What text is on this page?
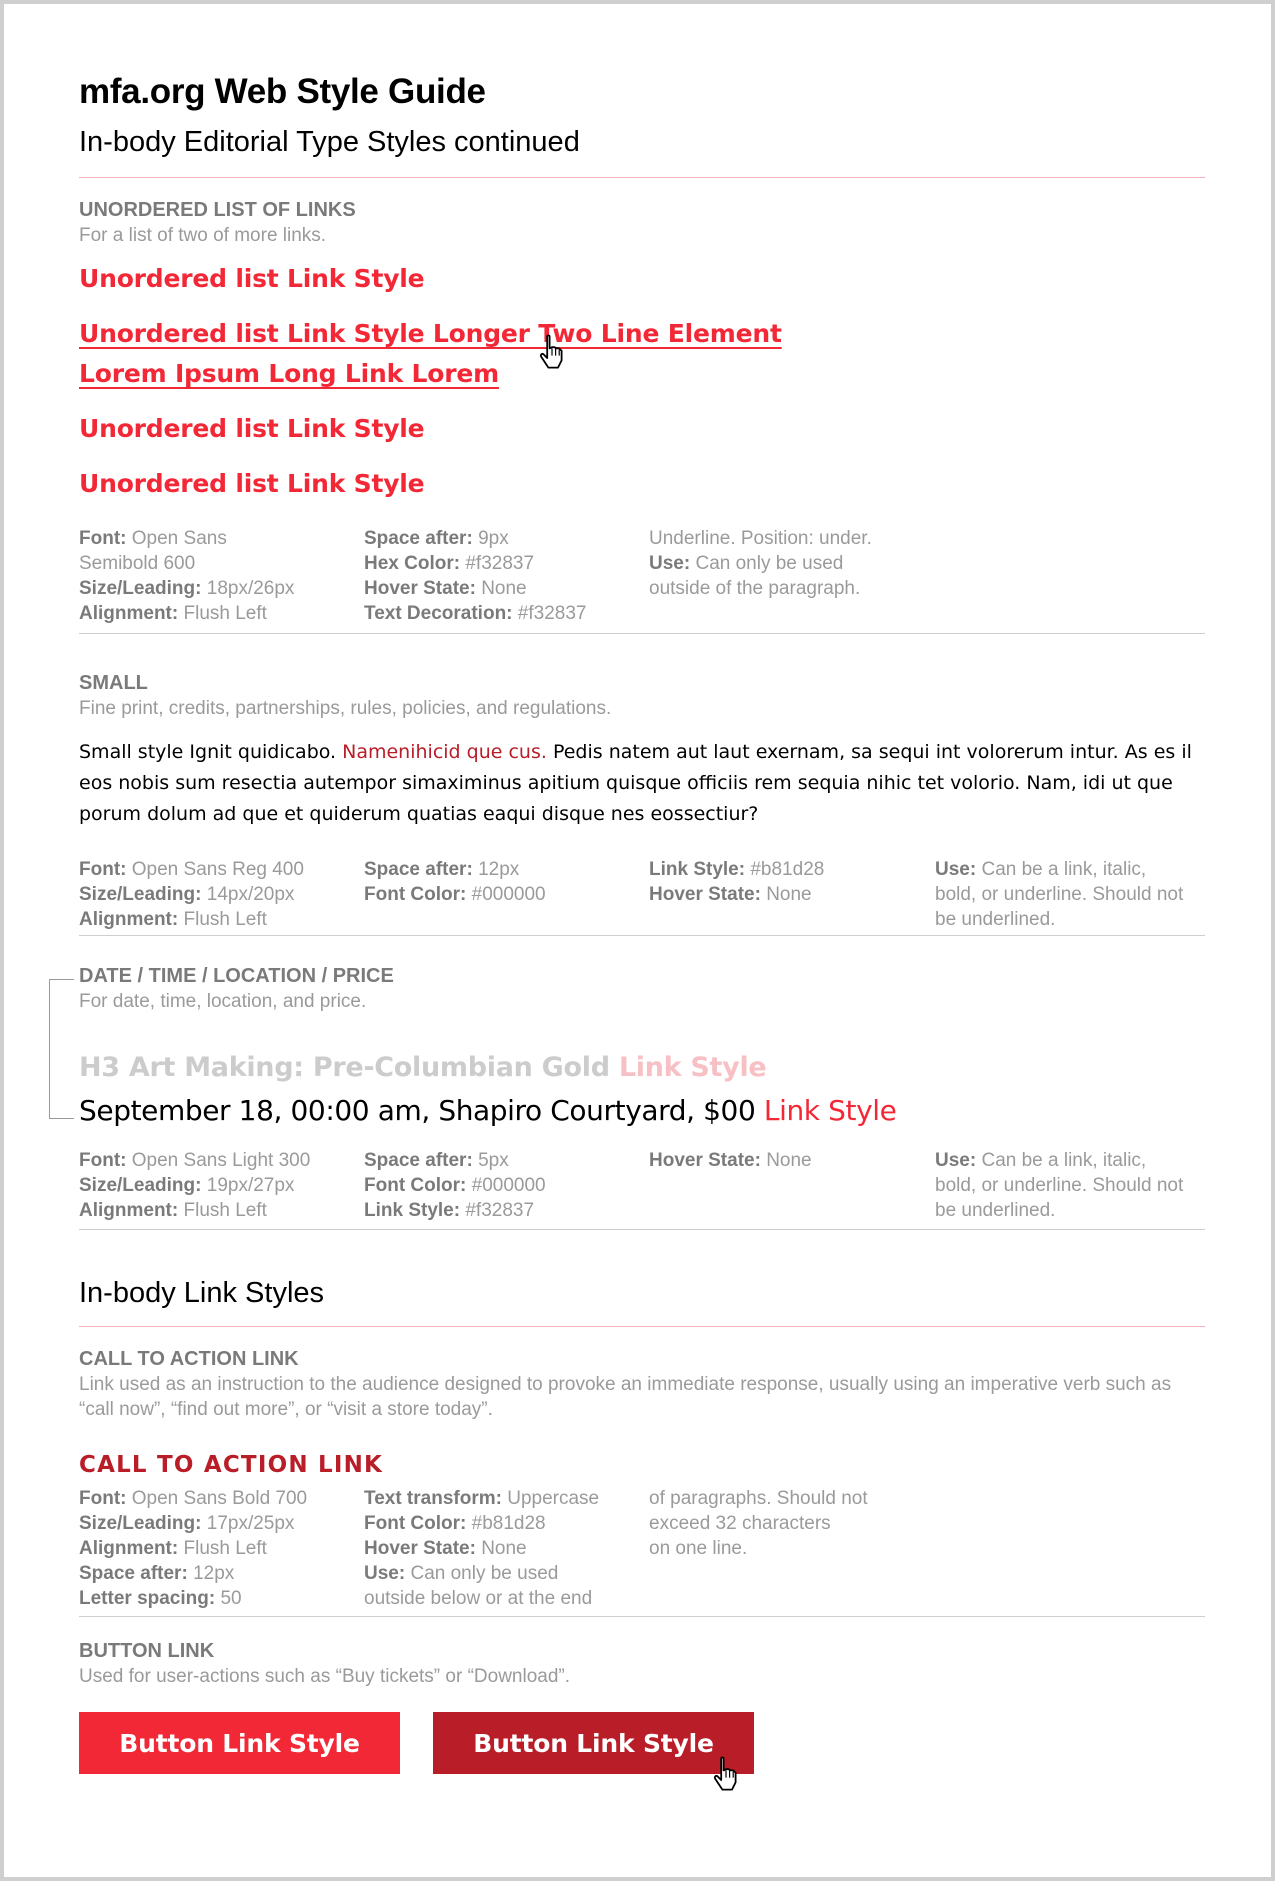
mfa.org Web Style Guide
In-body Editorial Type Styles continued
UNORDERED LIST OF LINKS
For a list of two of more links.
Unordered list Link Style
Unordered list Link Style Longer Two Line Element
Lorem Ipsum Long Link Lorem
Unordered list Link Style
Unordered list Link Style
Font: Open Sans
Semibold 600
Size/Leading: 18px/26px
Alignment: Flush Left
Space after: 9px
Hex Color: #f32837
Hover State: None
Text Decoration: #f32837
Underline. Position: under.
Use: Can only be used
outside of the paragraph.
SMALL
Fine print, credits, partnerships, rules, policies, and regulations.
Small style Ignit quidicabo. Namenihicid que cus. Pedis natem aut laut exernam, sa sequi int volorerum intur. As es il eos nobis sum resectia autempor simaximinus apitium quisque officiis rem sequia nihic tet volorio. Nam, idi ut que porum dolum ad que et quiderum quatias eaqui disque nes eossectiur?
Font: Open Sans Reg 400
Size/Leading: 14px/20px
Alignment: Flush Left
Space after: 12px
Font Color: #000000
Link Style: #b81d28
Hover State: None
Use: Can be a link, italic,
bold, or underline. Should not
be underlined.
DATE / TIME / LOCATION / PRICE
For date, time, location, and price.
H3 Art Making: Pre-Columbian Gold Link Style
September 18, 00:00 am, Shapiro Courtyard, $00 Link Style
Font: Open Sans Light 300
Size/Leading: 19px/27px
Alignment: Flush Left
Space after: 5px
Font Color: #000000
Link Style: #f32837
Hover State: None	Use: Can be a link, italic,
bold, or underline. Should not
be underlined.
In-body Link Styles
CALL TO ACTION LINK
Link used as an instruction to the audience designed to provoke an immediate response, usually using an imperative verb such as “call now”, “find out more”, or “visit a store today”.
CALL TO ACTION LINK
Font: Open Sans Bold 700
Size/Leading: 17px/25px
Alignment: Flush Left
Space after: 12px
Letter spacing: 50
Text transform: Uppercase
Font Color: #b81d28
Hover State: None
Use: Can only be used
outside below or at the end
of paragraphs. Should not
exceed 32 characters
on one line.
BUTTON LINK
Used for user-actions such as “Buy tickets” or “Download”.
Button Link Style	Button Link Style
